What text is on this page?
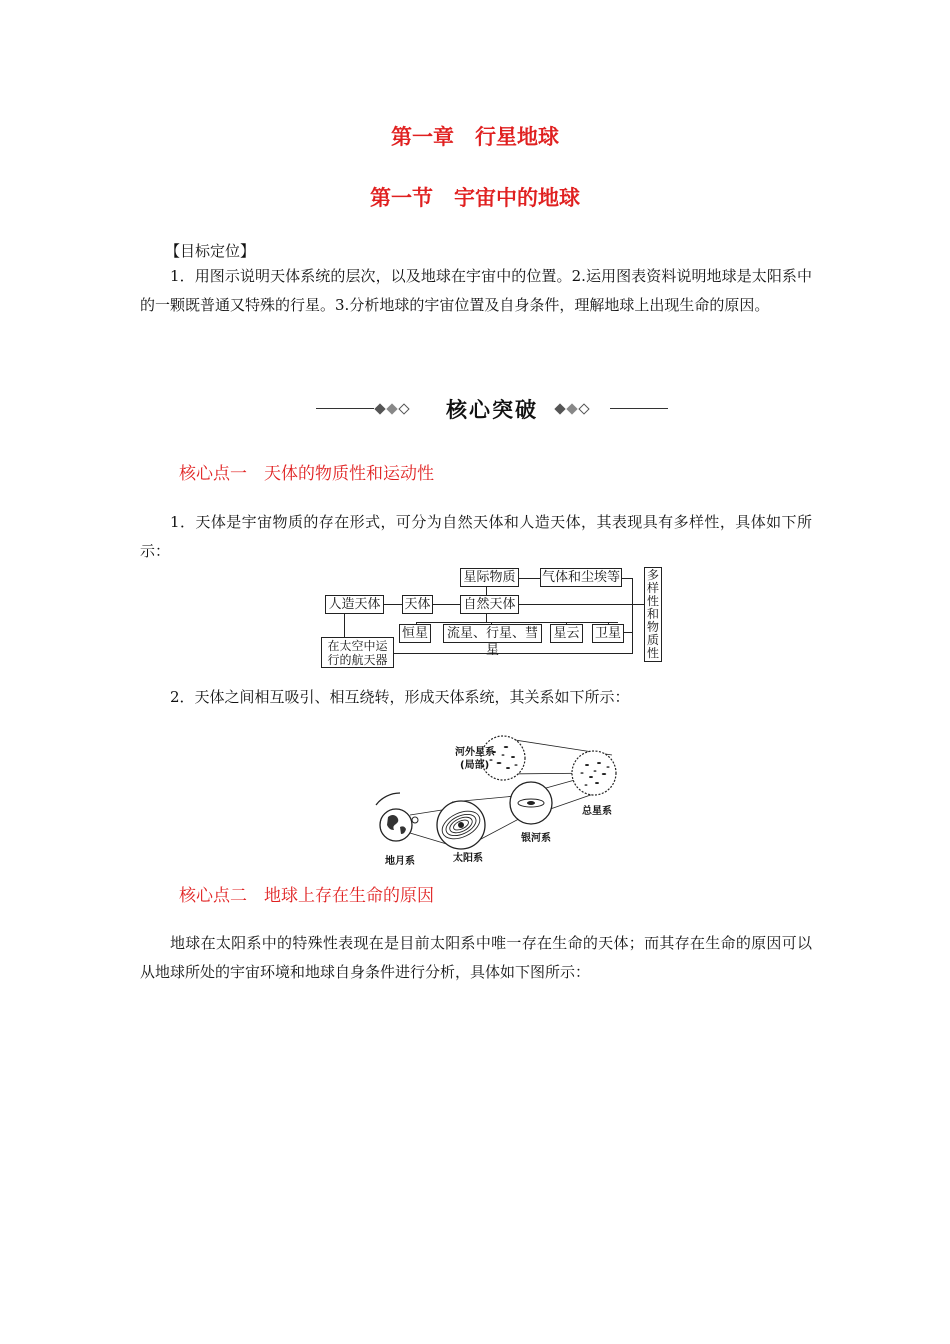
第一章　行星地球
第一节　宇宙中的地球
【目标定位】
1．用图示说明天体系统的层次，以及地球在宇宙中的位置。2.运用图表资料说明地球是太阳系中的一颗既普通又特殊的行星。3.分析地球的宇宙位置及自身条件，理解地球上出现生命的原因。
核心突破
核心点一　天体的物质性和运动性
1．天体是宇宙物质的存在形式，可分为自然天体和人造天体，其表现具有多样性，具体如下所示：
星际物质 气体和尘埃等
人造天体 天体	自然天体
恒星	流星、行星、彗星
星云 卫星
在太空中运行的航天器
多样性和物质性
2．天体之间相互吸引、相互绕转，形成天体系统，其关系如下所示：
河外星系
(局部)
总星系
银河系
太阳系
地月系
核心点二　地球上存在生命的原因
地球在太阳系中的特殊性表现在是目前太阳系中唯一存在生命的天体；而其存在生命的原因可以从地球所处的宇宙环境和地球自身条件进行分析，具体如下图所示：
